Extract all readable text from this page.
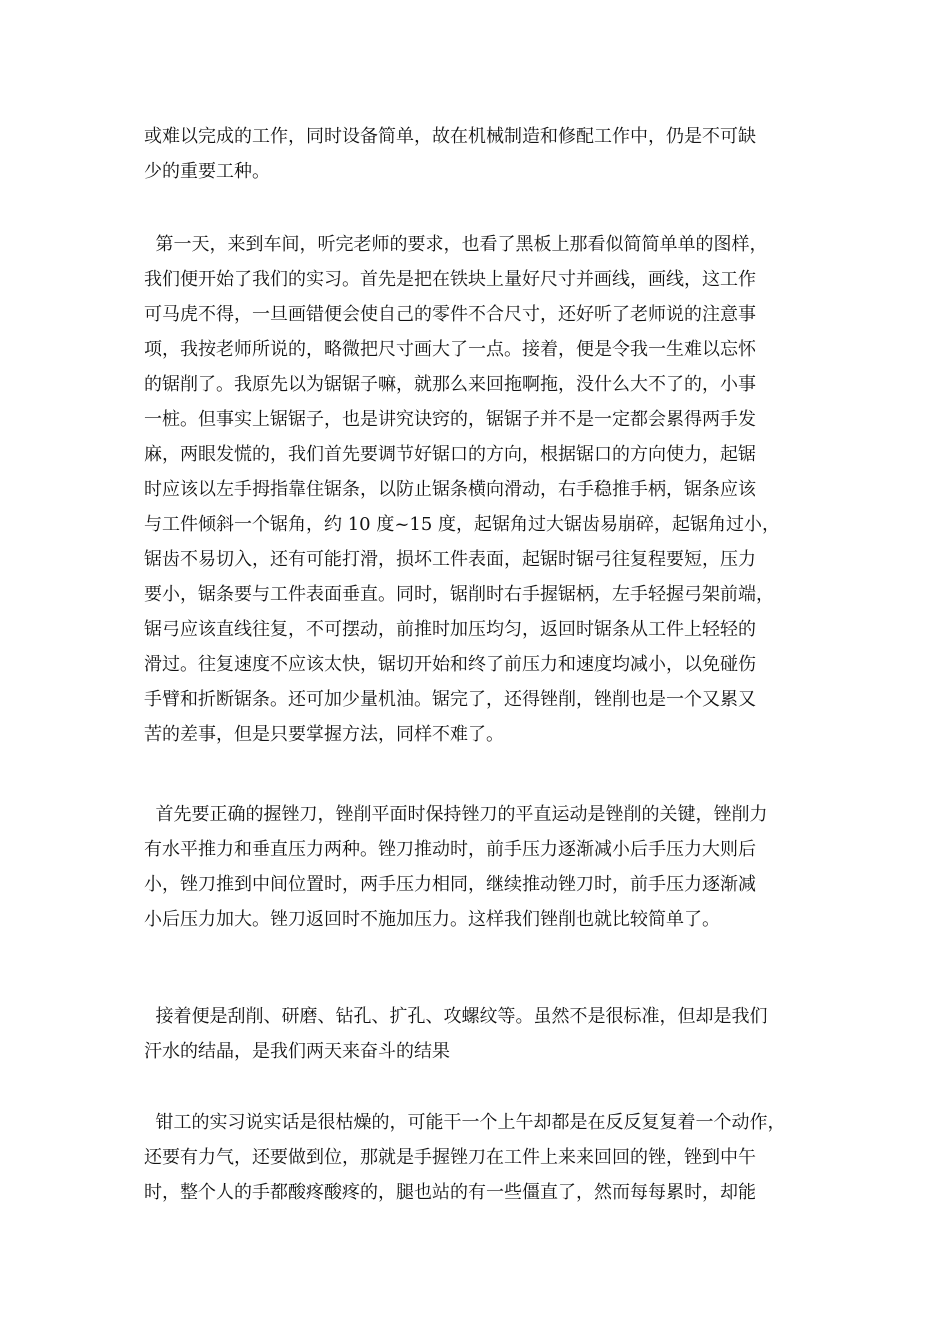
或难以完成的工作，同时设备简单，故在机械制造和修配工作中，仍是不可缺
少的重要工种。
第一天，来到车间，听完老师的要求，也看了黑板上那看似简简单单的图样，
我们便开始了我们的实习。首先是把在铁块上量好尺寸并画线，画线，这工作
可马虎不得，一旦画错便会使自己的零件不合尺寸，还好听了老师说的注意事
项，我按老师所说的，略微把尺寸画大了一点。接着，便是令我一生难以忘怀
的锯削了。我原先以为锯锯子嘛，就那么来回拖啊拖，没什么大不了的，小事
一桩。但事实上锯锯子，也是讲究诀窍的，锯锯子并不是一定都会累得两手发
麻，两眼发慌的，我们首先要调节好锯口的方向，根据锯口的方向使力，起锯
时应该以左手拇指靠住锯条，以防止锯条横向滑动，右手稳推手柄，锯条应该
与工件倾斜一个锯角，约 10 度~15 度，起锯角过大锯齿易崩碎，起锯角过小，
锯齿不易切入，还有可能打滑，损坏工件表面，起锯时锯弓往复程要短，压力
要小，锯条要与工件表面垂直。同时，锯削时右手握锯柄，左手轻握弓架前端，
锯弓应该直线往复，不可摆动，前推时加压均匀，返回时锯条从工件上轻轻的
滑过。往复速度不应该太快，锯切开始和终了前压力和速度均减小，以免碰伤
手臂和折断锯条。还可加少量机油。锯完了，还得锉削，锉削也是一个又累又
苦的差事，但是只要掌握方法，同样不难了。
首先要正确的握锉刀，锉削平面时保持锉刀的平直运动是锉削的关键，锉削力
有水平推力和垂直压力两种。锉刀推动时，前手压力逐渐减小后手压力大则后
小，锉刀推到中间位置时，两手压力相同，继续推动锉刀时，前手压力逐渐减
小后压力加大。锉刀返回时不施加压力。这样我们锉削也就比较简单了。
接着便是刮削、研磨、钻孔、扩孔、攻螺纹等。虽然不是很标准，但却是我们
汗水的结晶，是我们两天来奋斗的结果
钳工的实习说实话是很枯燥的，可能干一个上午却都是在反反复复着一个动作，
还要有力气，还要做到位，那就是手握锉刀在工件上来来回回的锉，锉到中午
时，整个人的手都酸疼酸疼的，腿也站的有一些僵直了，然而每每累时，却能
